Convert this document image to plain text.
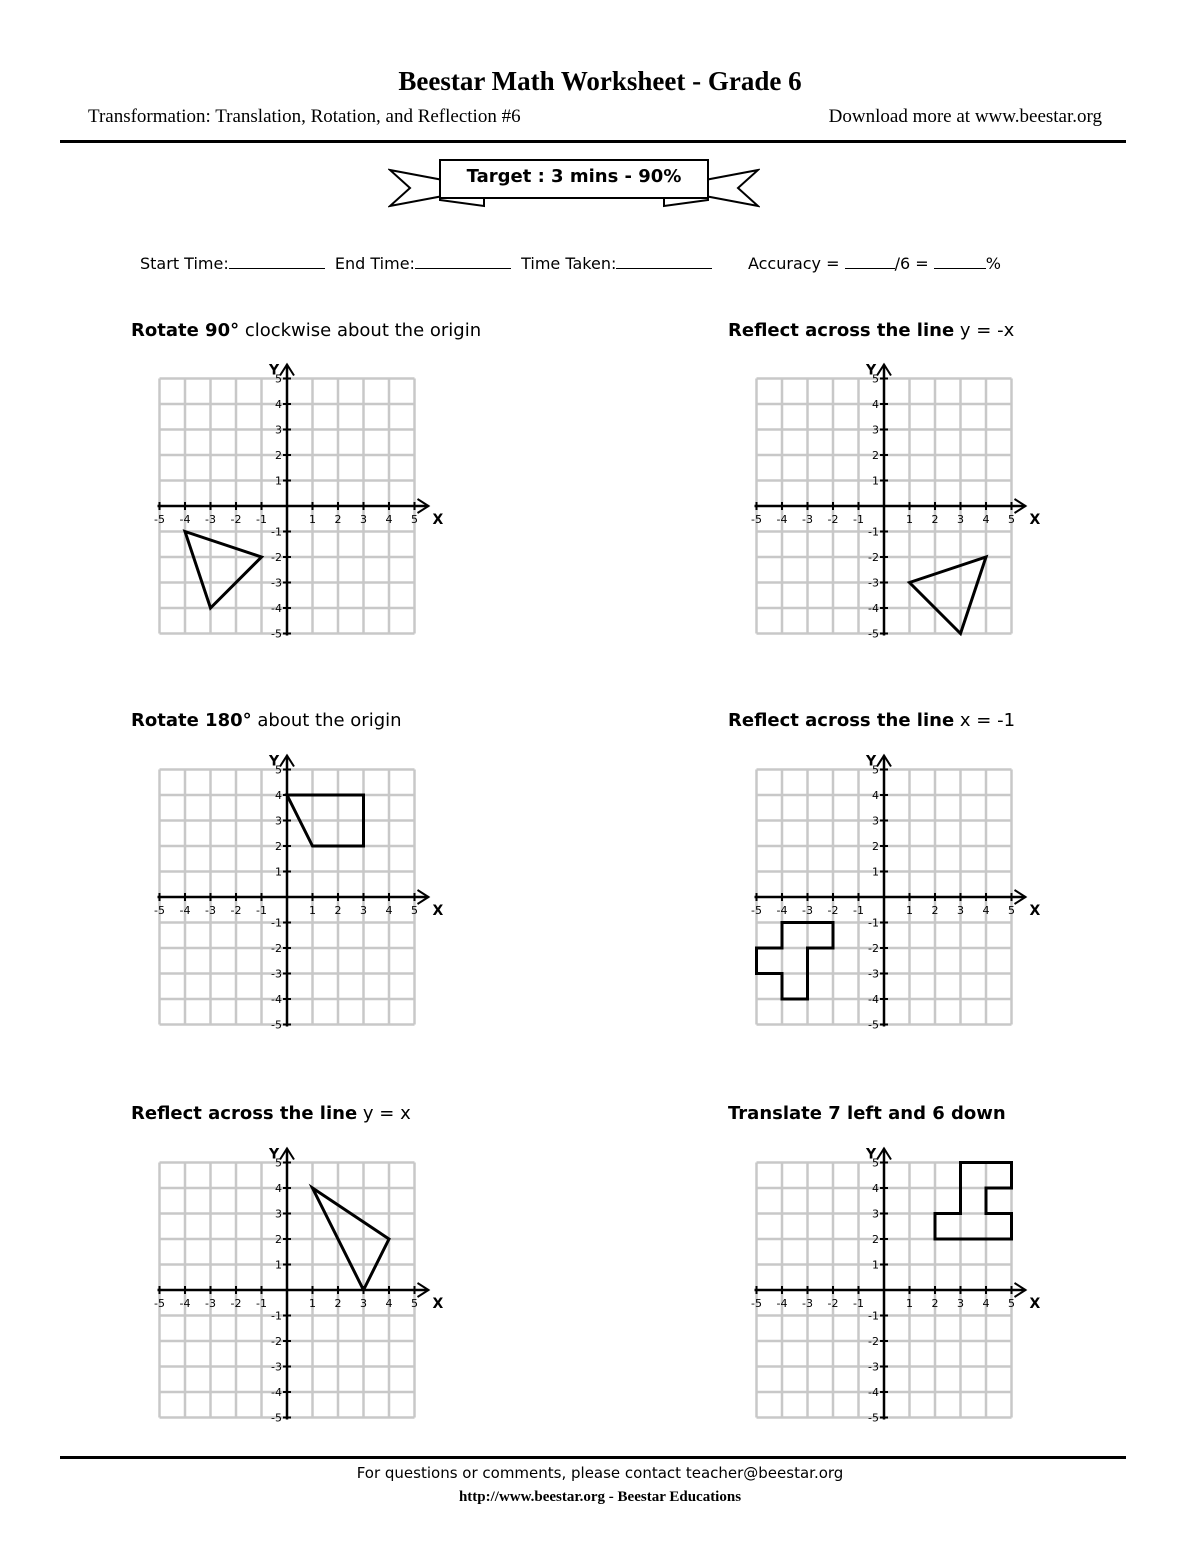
Beestar Math Worksheet - Grade 6
Transformation: Translation, Rotation, and Reflection #6	Download more at www.beestar.org
Target : 3 mins - 90%
Start Time:	End Time:	Time Taken:	Accuracy =	/6 =	%
Rotate 90° clockwise about the origin	Reflect across the line y = -x
Rotate 180° about the origin	Reflect across the line x = -1
Reflect across the line y = x	Translate 7 left and 6 down
-5 -4 -3 -2 -1	1 2 3 4 5
-5
-4
-3
-2
-1
1
2
3
4
5
X
Y
-5 -4 -3 -2 -1	1 2 3 4 5
-5
-4
-3
-2
-1
1
2
3
4
5
X
Y
-5 -4 -3 -2 -1	1 2 3 4 5
-5
-4
-3
-2
-1
1
2
3
4
5
X
Y
-5 -4 -3 -2 -1	1 2 3 4 5
-5
-4
-3
-2
-1
1
2
3
4
5
X
Y
-5 -4 -3 -2 -1	1 2 3 4 5
-5
-4
-3
-2
-1
1
2
3
4
5
X
Y
-5 -4 -3 -2 -1	1 2 3 4 5
-5
-4
-3
-2
-1
1
2
3
4
5
X
Y
For questions or comments, please contact teacher@beestar.org
http://www.beestar.org - Beestar Educations
